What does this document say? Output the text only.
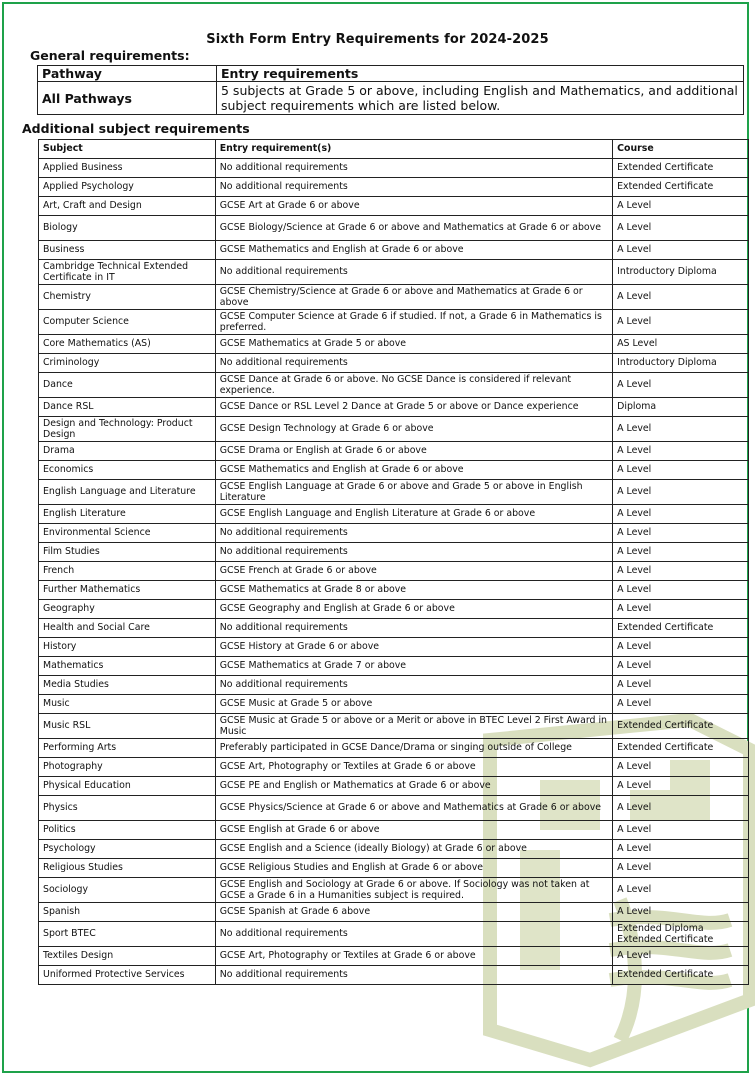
Sixth Form Entry Requirements for 2024-2025
General requirements:
Pathway	Entry requirements
All Pathways	5 subjects at Grade 5 or above, including English and Mathematics, and additional subject requirements which are listed below.
Additional subject requirements
Subject	Entry requirement(s)	Course
Applied Business	No additional requirements	Extended Certificate
Applied Psychology	No additional requirements	Extended Certificate
Art, Craft and Design	GCSE Art at Grade 6 or above	A Level
Biology	GCSE Biology/Science at Grade 6 or above and Mathematics at Grade 6 or above	A Level
Business	GCSE Mathematics and English at Grade 6 or above	A Level
Cambridge Technical Extended Certificate in IT	No additional requirements	Introductory Diploma
Chemistry	GCSE Chemistry/Science at Grade 6 or above and Mathematics at Grade 6 or above	A Level
Computer Science	GCSE Computer Science at Grade 6 if studied. If not, a Grade 6 in Mathematics is preferred.	A Level
Core Mathematics (AS)	GCSE Mathematics at Grade 5 or above	AS Level
Criminology	No additional requirements	Introductory Diploma
Dance	GCSE Dance at Grade 6 or above. No GCSE Dance is considered if relevant experience.	A Level
Dance RSL	GCSE Dance or RSL Level 2 Dance at Grade 5 or above or Dance experience	Diploma
Design and Technology: Product Design	GCSE Design Technology at Grade 6 or above	A Level
Drama	GCSE Drama or English at Grade 6 or above	A Level
Economics	GCSE Mathematics and English at Grade 6 or above	A Level
English Language and Literature	GCSE English Language at Grade 6 or above and Grade 5 or above in English Literature	A Level
English Literature	GCSE English Language and English Literature at Grade 6 or above	A Level
Environmental Science	No additional requirements	A Level
Film Studies	No additional requirements	A Level
French	GCSE French at Grade 6 or above	A Level
Further Mathematics	GCSE Mathematics at Grade 8 or above	A Level
Geography	GCSE Geography and English at Grade 6 or above	A Level
Health and Social Care	No additional requirements	Extended Certificate
History	GCSE History at Grade 6 or above	A Level
Mathematics	GCSE Mathematics at Grade 7 or above	A Level
Media Studies	No additional requirements	A Level
Music	GCSE Music at Grade 5 or above	A Level
Music RSL	GCSE Music at Grade 5 or above or a Merit or above in BTEC Level 2 First Award in Music	Extended Certificate
Performing Arts	Preferably participated in GCSE Dance/Drama or singing outside of College	Extended Certificate
Photography	GCSE Art, Photography or Textiles at Grade 6 or above	A Level
Physical Education	GCSE PE and English or Mathematics at Grade 6 or above	A Level
Physics	GCSE Physics/Science at Grade 6 or above and Mathematics at Grade 6 or above	A Level
Politics	GCSE English at Grade 6 or above	A Level
Psychology	GCSE English and a Science (ideally Biology) at Grade 6 or above	A Level
Religious Studies	GCSE Religious Studies and English at Grade 6 or above	A Level
Sociology	GCSE English and Sociology at Grade 6 or above. If Sociology was not taken at GCSE a Grade 6 in a Humanities subject is required.	A Level
Spanish	GCSE Spanish at Grade 6 above	A Level
Sport BTEC	No additional requirements	Extended Diploma Extended Certificate
Textiles Design	GCSE Art, Photography or Textiles at Grade 6 or above	A Level
Uniformed Protective Services	No additional requirements	Extended Certificate
